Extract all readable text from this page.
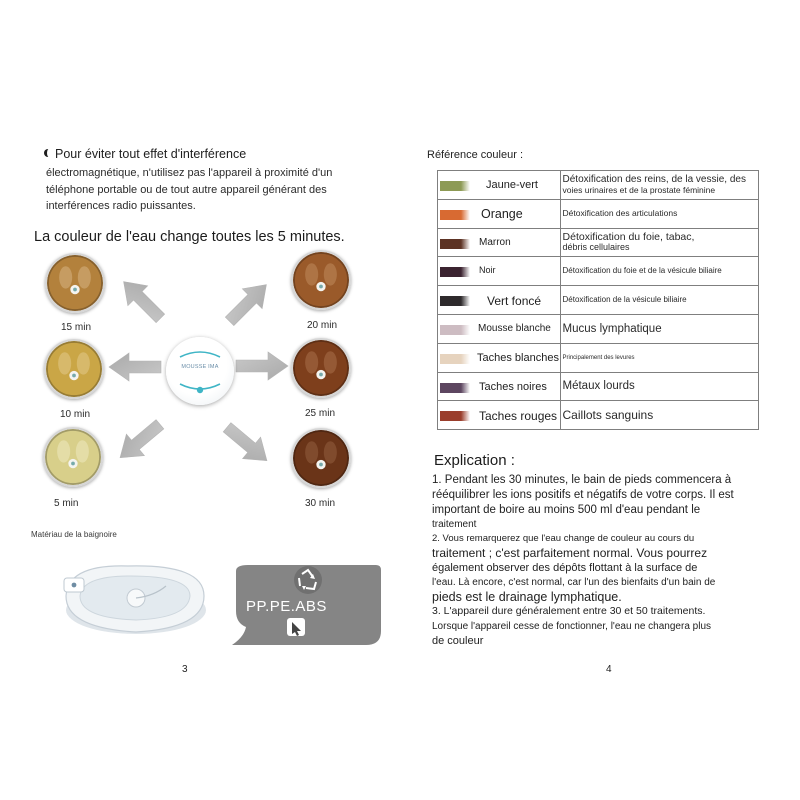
Pour éviter tout effet d'interférence
électromagnétique, n'utilisez pas l'appareil à proximité d'un
téléphone portable ou de tout autre appareil générant des
interférences radio puissantes.
La couleur de l'eau change toutes les 5 minutes.
MOUSSE IMA
15 min
10 min
5 min
20 min
25 min
30 min
Matériau de la baignoire
PP.PE.ABS
3
Référence couleur :
Jaune-vert	Détoxification des reins, de la vessie, des
voies urinaires et de la prostate féminine

Orange	Détoxification des articulations

Marron	Détoxification du foie, tabac,
débris cellulaires

Noir	Détoxification du foie et de la vésicule biliaire

Vert foncé	Détoxification de la vésicule biliaire

Mousse blanche	Mucus lymphatique

Taches blanches	Principalement des levures

Taches noires	Métaux lourds

Taches rouges	Caillots sanguins
Explication :
1. Pendant les 30 minutes, le bain de pieds commencera à
rééquilibrer les ions positifs et négatifs de votre corps. Il est
important de boire au moins 500 ml d'eau pendant le
traitement
2. Vous remarquerez que l'eau change de couleur au cours du
traitement ; c'est parfaitement normal. Vous pourrez
également observer des dépôts flottant à la surface de
l'eau. Là encore, c'est normal, car l'un des bienfaits d'un bain de
pieds est le drainage lymphatique.
3. L'appareil dure généralement entre 30 et 50 traitements.
Lorsque l'appareil cesse de fonctionner, l'eau ne changera plus
de couleur
4
